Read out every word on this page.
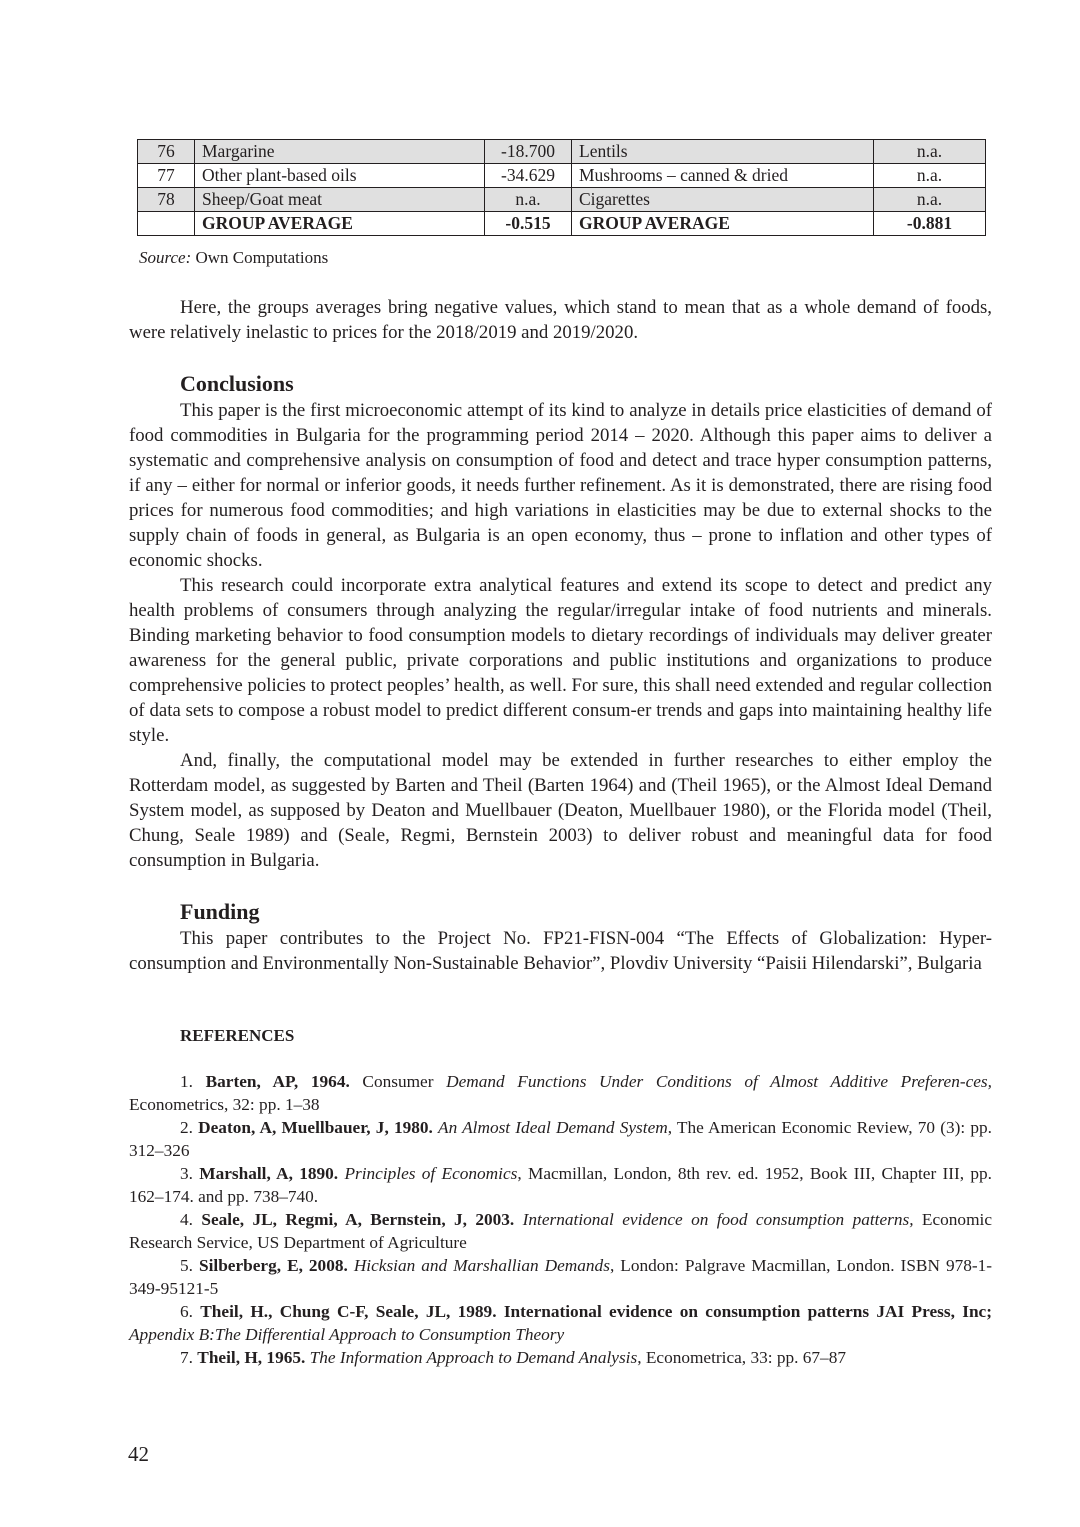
76	Margarine	-18.700	Lentils	n.a.
77	Other plant-based oils	-34.629	Mushrooms – canned & dried	n.a.
78	Sheep/Goat meat	n.a.	Cigarettes	n.a.
	GROUP AVERAGE	-0.515	GROUP AVERAGE	-0.881
Source: Own Computations

Here, the groups averages bring negative values, which stand to mean that as a whole demand of foods, were relatively inelastic to prices for the 2018/2019 and 2019/2020.

Conclusions

This paper is the first microeconomic attempt of its kind to analyze in details price elasticities of demand of food commodities in Bulgaria for the programming period 2014 – 2020. Although this paper aims to deliver a systematic and comprehensive analysis on consumption of food and detect and trace hyper consumption patterns, if any – either for normal or inferior goods, it needs further refinement. As it is demonstrated, there are rising food prices for numerous food commodities; and high variations in elasticities may be due to external shocks to the supply chain of foods in general, as Bulgaria is an open economy, thus – prone to inflation and other types of economic shocks.

This research could incorporate extra analytical features and extend its scope to detect and predict any health problems of consumers through analyzing the regular/irregular intake of food nutrients and minerals. Binding marketing behavior to food consumption models to dietary recordings of individuals may deliver greater awareness for the general public, private corporations and public institutions and organizations to produce comprehensive policies to protect peoples’ health, as well. For sure, this shall need extended and regular collection of data sets to compose a robust model to predict different consum-er trends and gaps into maintaining healthy life style.

And, finally, the computational model may be extended in further researches to either employ the Rotterdam model, as suggested by Barten and Theil (Barten 1964) and (Theil 1965), or the Almost Ideal Demand System model, as supposed by Deaton and Muellbauer (Deaton, Muellbauer 1980), or the Florida model (Theil, Chung, Seale 1989) and (Seale, Regmi, Bernstein 2003) to deliver robust and meaningful data for food consumption in Bulgaria.

Funding

This paper contributes to the Project No. FP21-FISN-004 “The Effects of Globalization: Hyper-consumption and Environmentally Non-Sustainable Behavior”, Plovdiv University “Paisii Hilendarski”, Bulgaria

REFERENCES

1. Barten, AP, 1964. Consumer Demand Functions Under Conditions of Almost Additive Preferen-ces, Econometrics, 32: pp. 1–38

2. Deaton, A, Muellbauer, J, 1980. An Almost Ideal Demand System, The American Economic Review, 70 (3): pp. 312–326

3. Marshall, A, 1890. Principles of Economics, Macmillan, London, 8th rev. ed. 1952, Book III, Chapter III, pp. 162–174. and pp. 738–740.

4. Seale, JL, Regmi, A, Bernstein, J, 2003. International evidence on food consumption patterns, Economic Research Service, US Department of Agriculture

5. Silberberg, E, 2008. Hicksian and Marshallian Demands, London: Palgrave Macmillan, London. ISBN 978-1-349-95121-5

6. Theil, H., Chung C-F, Seale, JL, 1989. International evidence on consumption patterns JAI Press, Inc; Appendix B:The Differential Approach to Consumption Theory

7. Theil, H, 1965. The Information Approach to Demand Analysis, Econometrica, 33: pp. 67–87

42
